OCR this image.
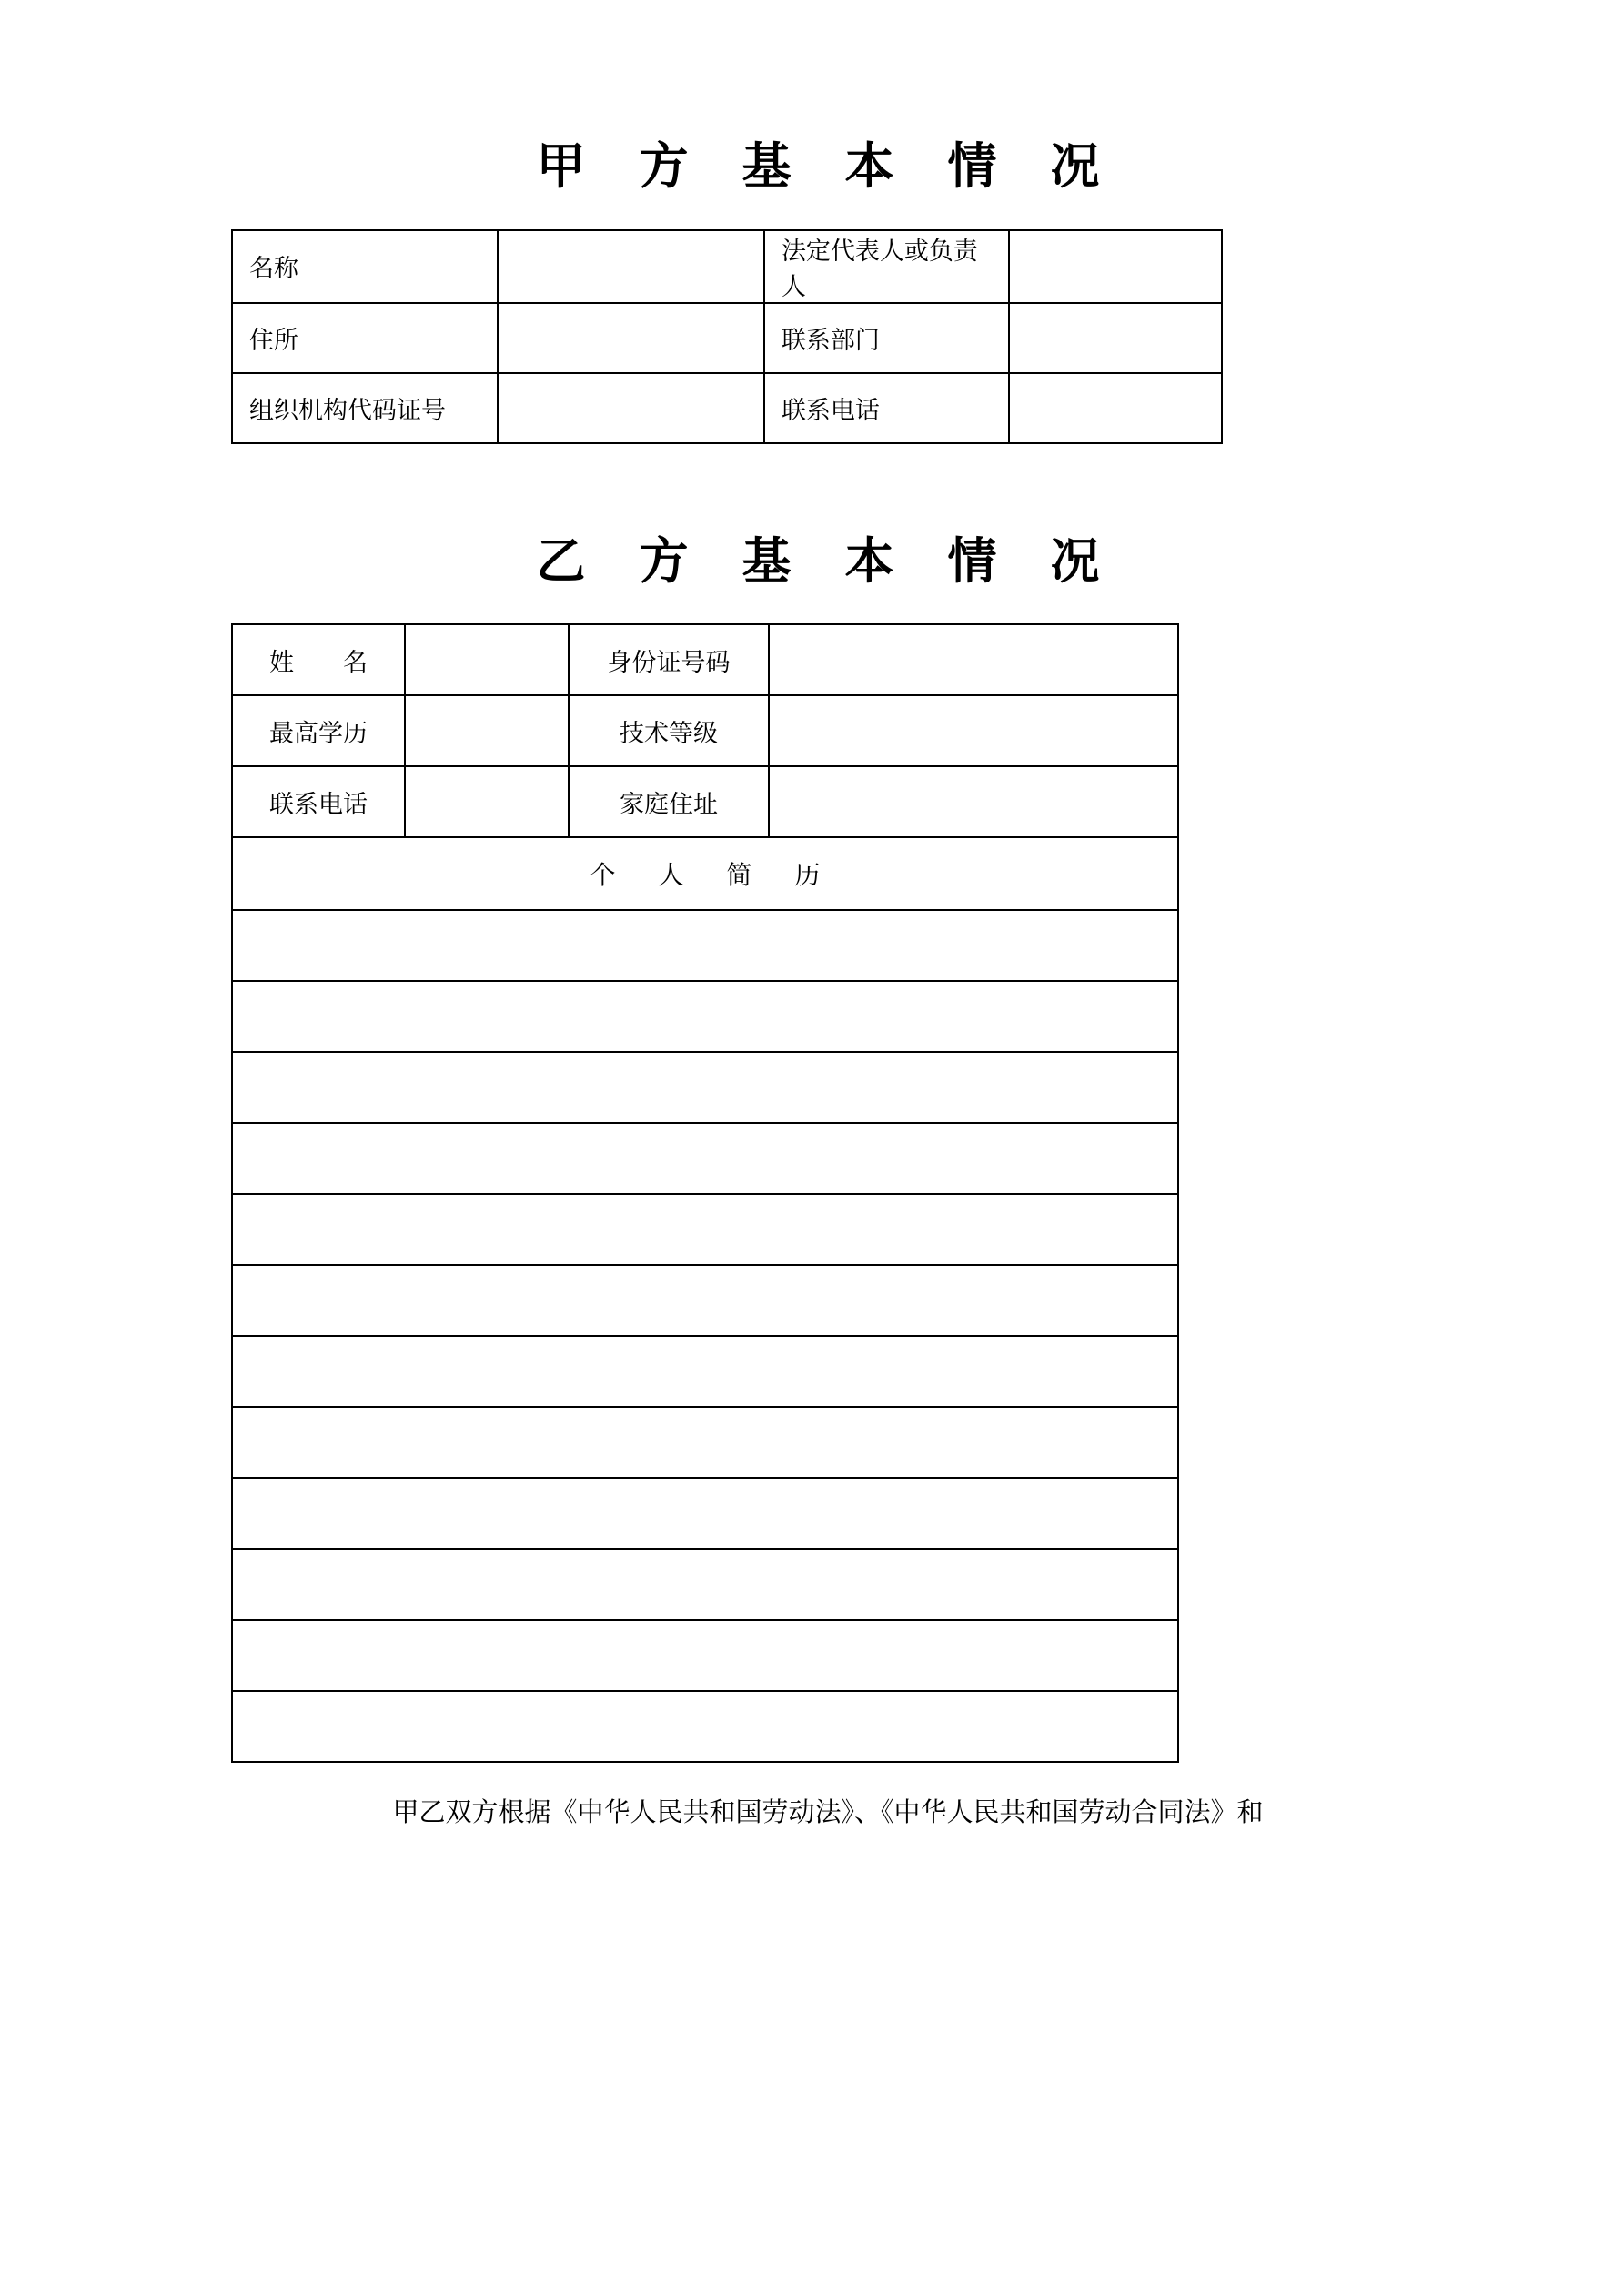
甲 方 基 本 情 况
名称		法定代表人或负责人	
住所		联系部门	
组织机构代码证号		联系电话	
乙 方 基 本 情 况
姓　　名		身份证号码	
最高学历		技术等级	
联系电话		家庭住址	
个 人 简 历			

甲乙双方根据《中华人民共和国劳动法》、《中华人民共和国劳动合同法》和
